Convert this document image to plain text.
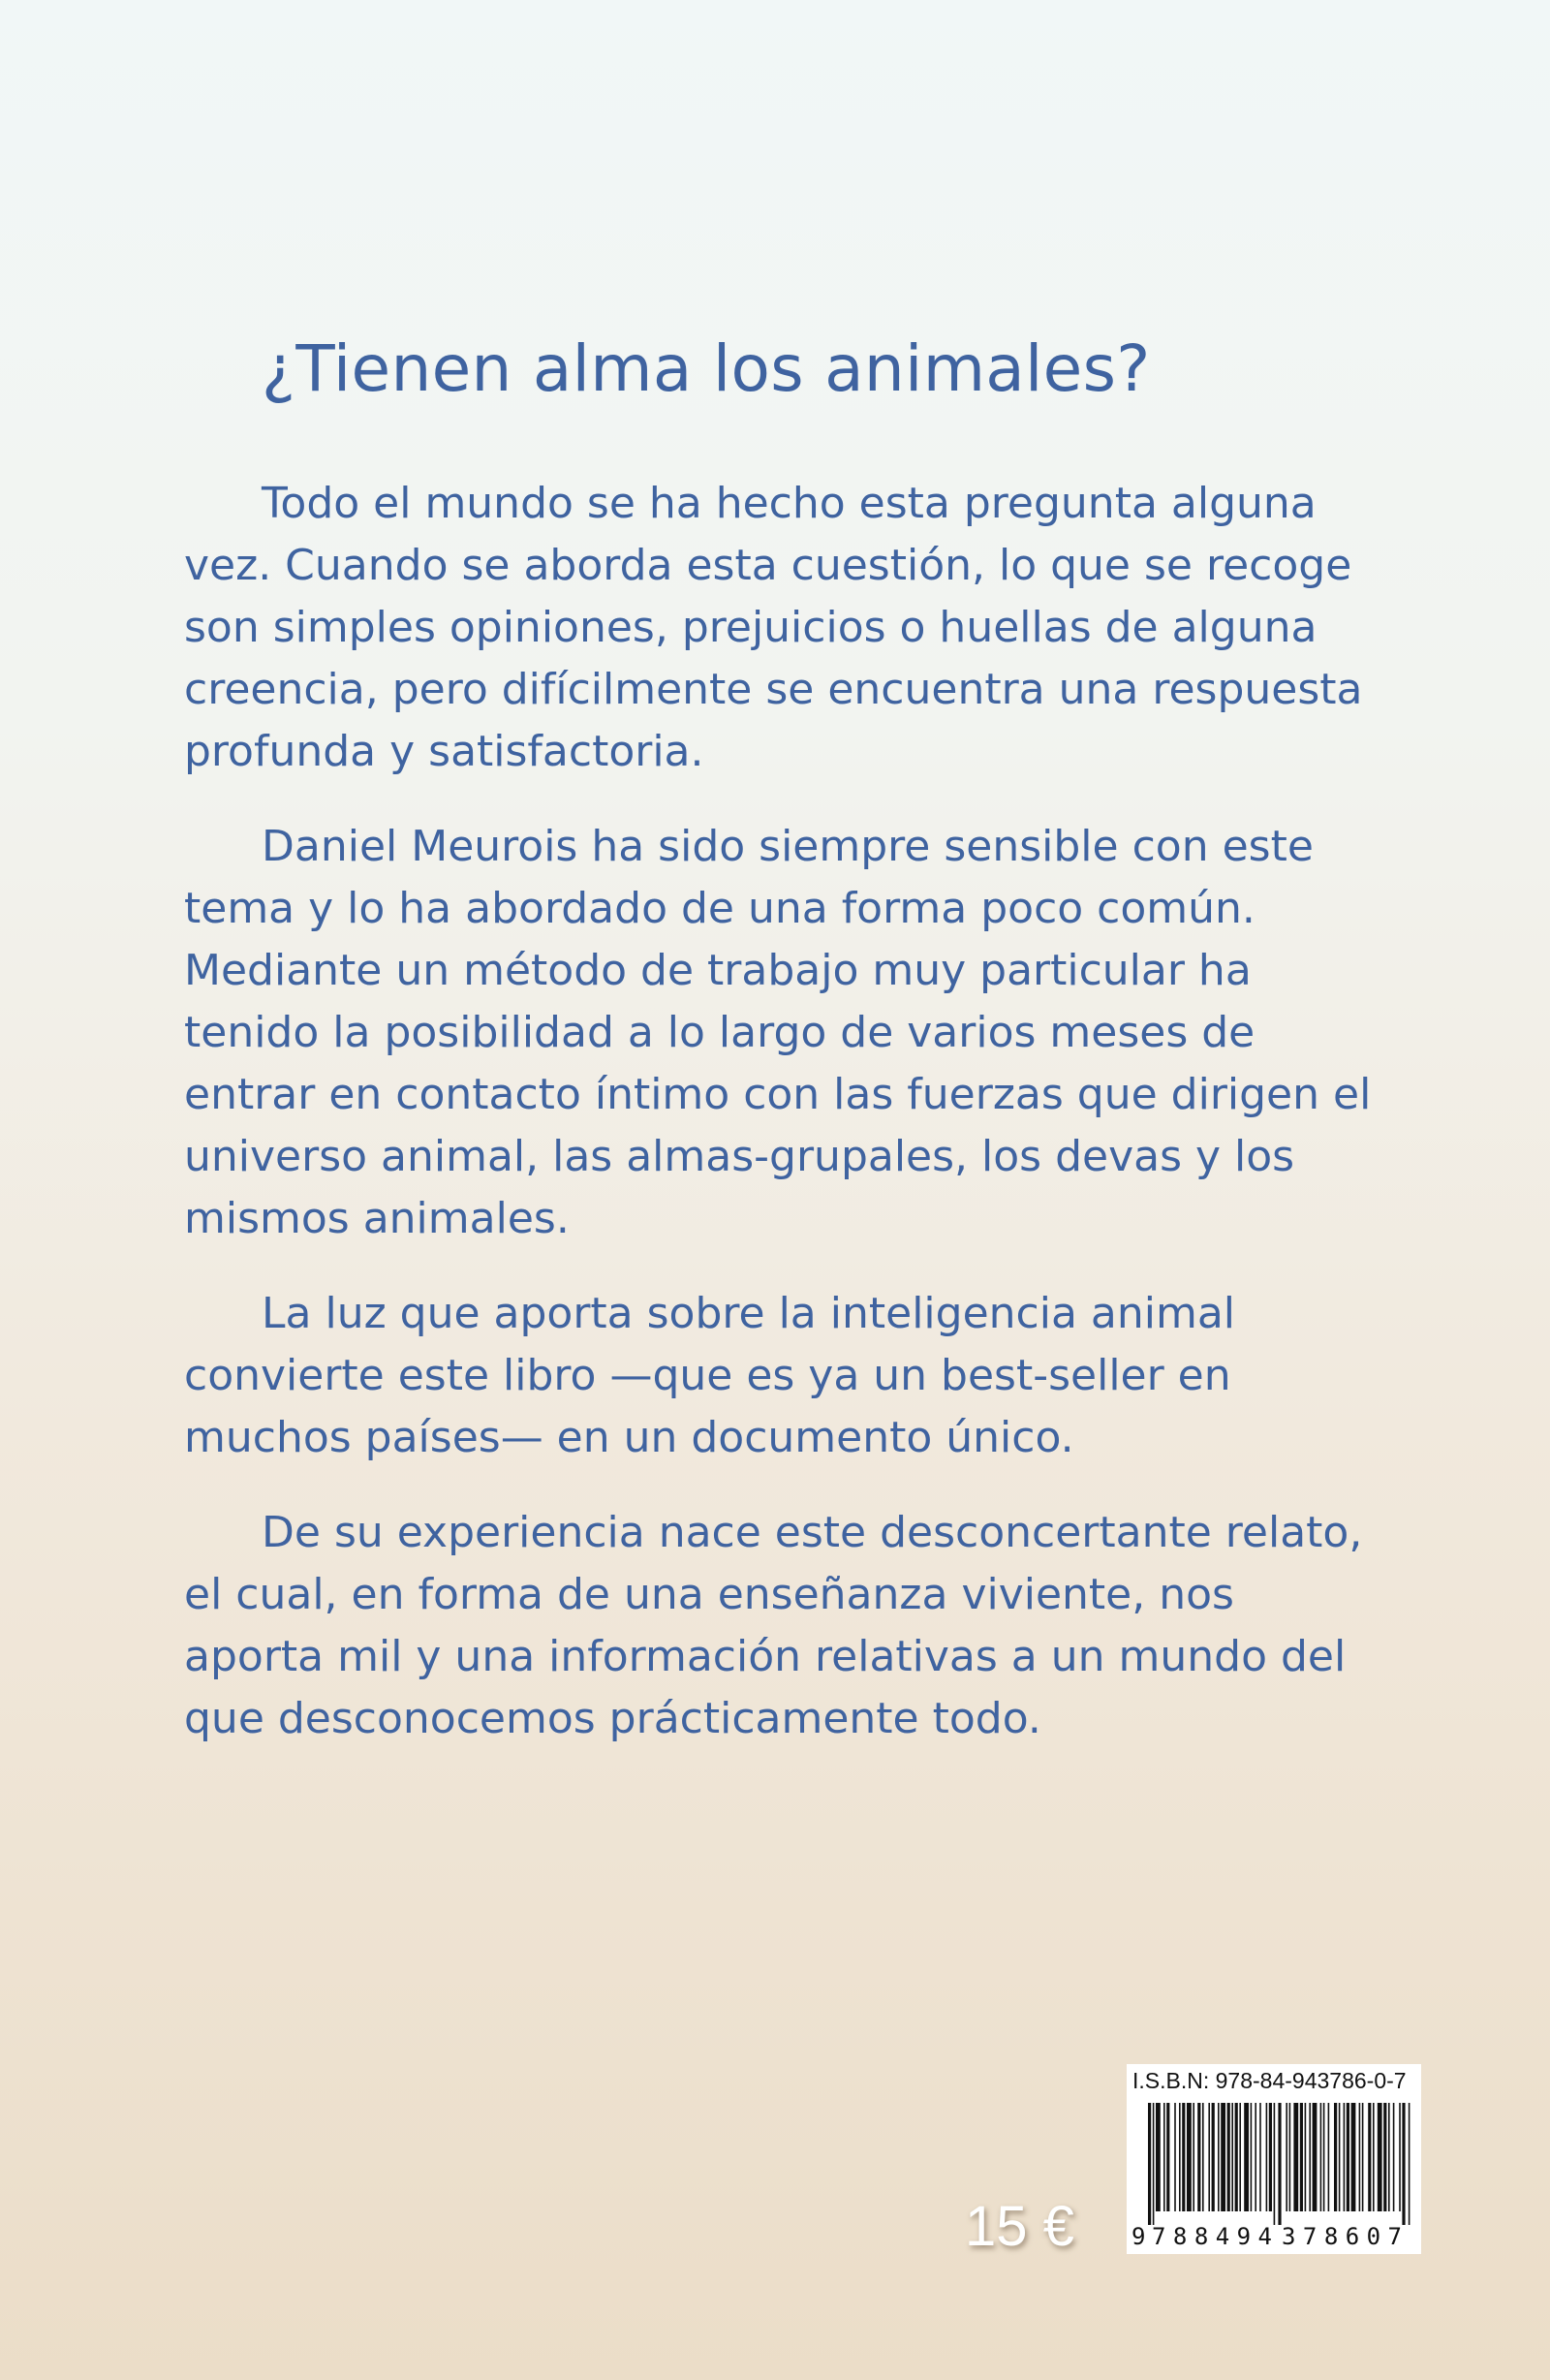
¿Tienen alma los animales?

Todo el mundo se ha hecho esta pregunta alguna vez. Cuando se aborda esta cuestión, lo que se recoge son simples opiniones, prejuicios o huellas de alguna creencia, pero difícilmente se encuentra una respuesta profunda y satisfactoria.

Daniel Meurois ha sido siempre sensible con este tema y lo ha abordado de una forma poco común. Mediante un método de trabajo muy particular ha tenido la posibilidad a lo largo de varios meses de entrar en contacto íntimo con las fuerzas que dirigen el universo animal, las almas-grupales, los devas y los mismos animales.

La luz que aporta sobre la inteligencia animal convierte este libro —que es ya un best-seller en muchos países— en un documento único.

De su experiencia nace este desconcertante relato, el cual, en forma de una enseñanza viviente, nos aporta mil y una información relativas a un mundo del que desconocemos prácticamente todo.

15 €

I.S.B.N: 978-84-943786-0-7

9 788494 378607
